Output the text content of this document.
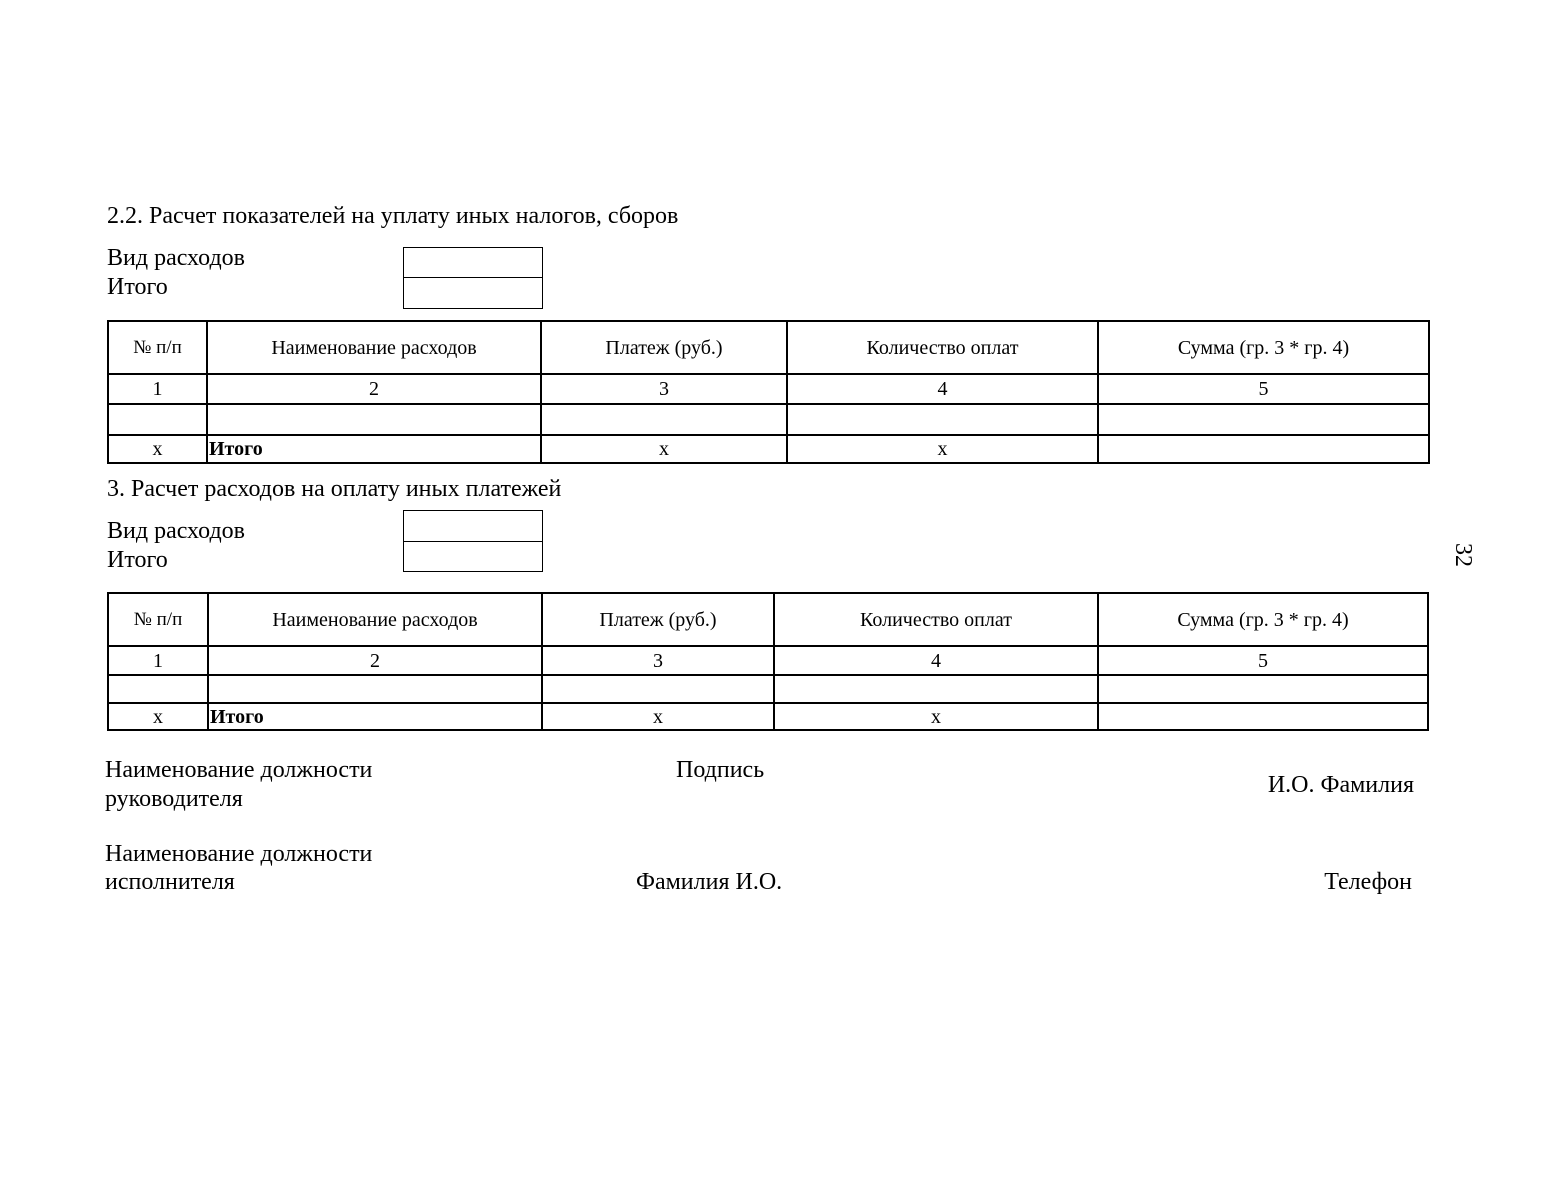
2.2. Расчет показателей на уплату иных налогов, сборов
Вид расходов
Итого
№ п/п	Наименование расходов	Платеж (руб.)	Количество оплат	Сумма (гр. 3 * гр. 4)
1	2	3	4	5

x	Итого	x	x	
3. Расчет расходов на оплату иных платежей
Вид расходов
Итого
№ п/п	Наименование расходов	Платеж (руб.)	Количество оплат	Сумма (гр. 3 * гр. 4)
1	2	3	4	5

x	Итого	x	x	
Наименование должности
руководителя
Подпись
И.О. Фамилия
Наименование должности
исполнителя	Фамилия И.О.	Телефон
32
